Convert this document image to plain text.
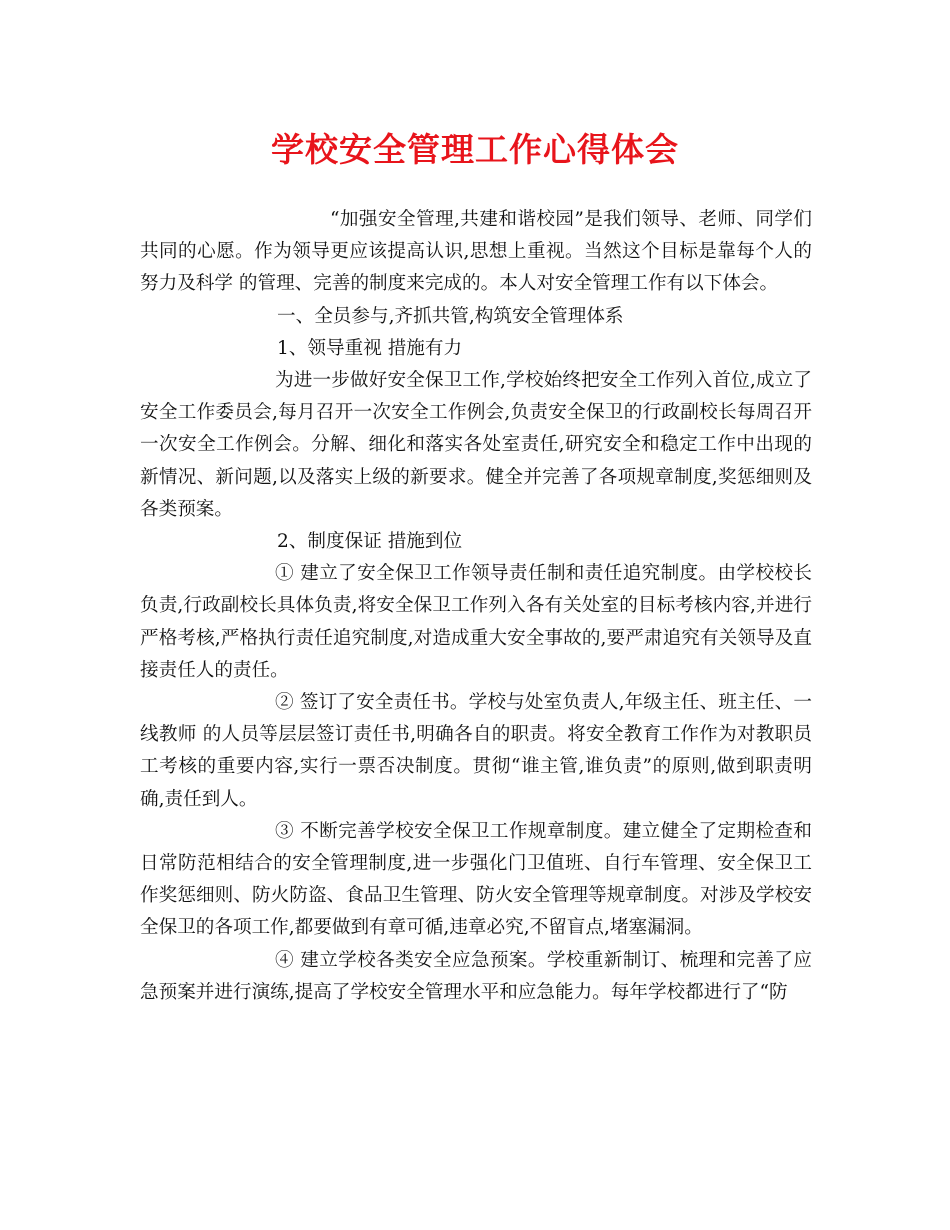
学校安全管理工作心得体会

“加强安全管理,共建和谐校园”是我们领导、老师、同学们共同的心愿。作为领导更应该提高认识,思想上重视。当然这个目标是靠每个人的努力及科学 的管理、完善的制度来完成的。本人对安全管理工作有以下体会。

一、全员参与,齐抓共管,构筑安全管理体系

1、领导重视 措施有力

为进一步做好安全保卫工作,学校始终把安全工作列入首位,成立了安全工作委员会,每月召开一次安全工作例会,负责安全保卫的行政副校长每周召开一次安全工作例会。分解、细化和落实各处室责任,研究安全和稳定工作中出现的新情况、新问题,以及落实上级的新要求。健全并完善了各项规章制度,奖惩细则及各类预案。

2、制度保证 措施到位

① 建立了安全保卫工作领导责任制和责任追究制度。由学校校长负责,行政副校长具体负责,将安全保卫工作列入各有关处室的目标考核内容,并进行严格考核,严格执行责任追究制度,对造成重大安全事故的,要严肃追究有关领导及直接责任人的责任。

② 签订了安全责任书。学校与处室负责人,年级主任、班主任、一线教师 的人员等层层签订责任书,明确各自的职责。将安全教育工作作为对教职员工考核的重要内容,实行一票否决制度。贯彻“谁主管,谁负责”的原则,做到职责明确,责任到人。

③ 不断完善学校安全保卫工作规章制度。建立健全了定期检查和日常防范相结合的安全管理制度,进一步强化门卫值班、自行车管理、安全保卫工作奖惩细则、防火防盗、食品卫生管理、防火安全管理等规章制度。对涉及学校安全保卫的各项工作,都要做到有章可循,违章必究,不留盲点,堵塞漏洞。

④ 建立学校各类安全应急预案。学校重新制订、梳理和完善了应急预案并进行演练,提高了学校安全管理水平和应急能力。每年学校都进行了“防
